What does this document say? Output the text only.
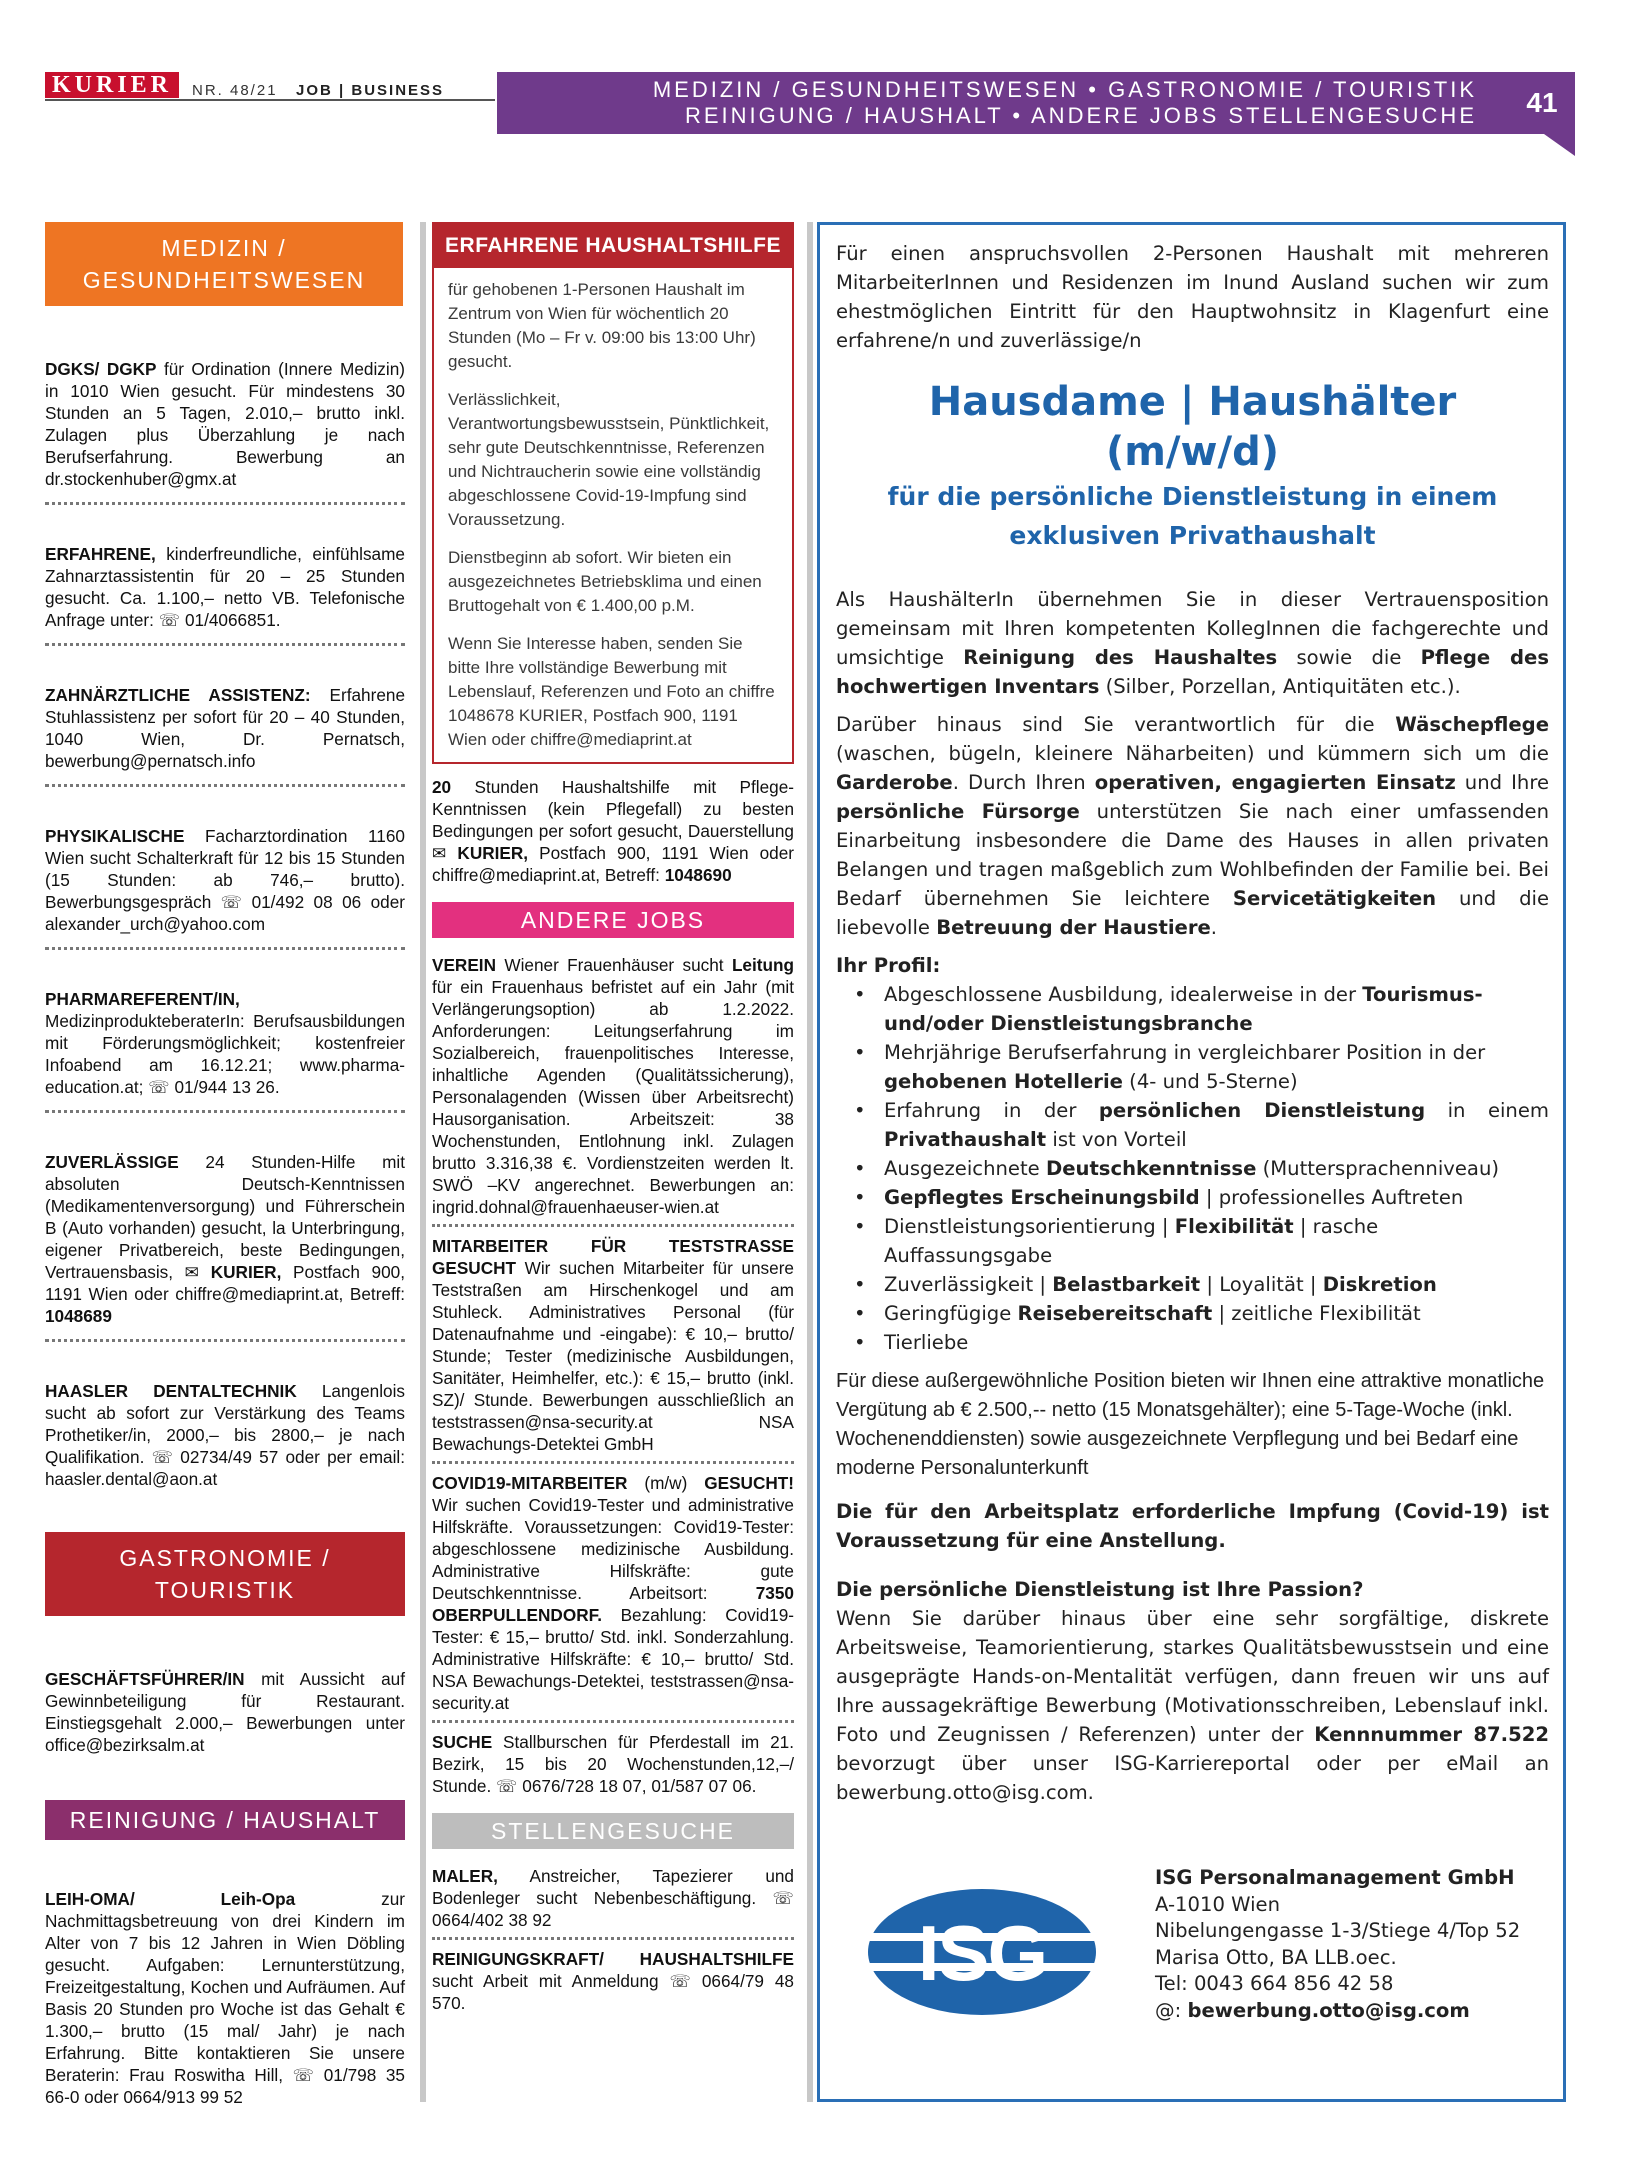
KURIER	NR. 48/21 JOB | BUSINESS	MEDIZIN / GESUNDHEITSWESEN • GASTRONOMIE / TOURISTIK
REINIGUNG / HAUSHALT • ANDERE JOBS STELLENGESUCHE	41
MEDIZIN / GESUNDHEITSWESEN
DGKS/ DGKP für Ordination (Innere Medizin) in 1010 Wien gesucht. Für mindestens 30 Stunden an 5 Tagen, 2.010,– brutto inkl. Zulagen plus Überzahlung je nach Berufserfahrung. Bewerbung an dr.stockenhuber@gmx.at
ERFAHRENE, kinderfreundliche, einfühlsame Zahnarztassistentin für 20 – 25 Stunden gesucht. Ca. 1.100,– netto VB. Telefonische Anfrage unter: ☏ 01/4066851.
ZAHNÄRZTLICHE ASSISTENZ: Erfahrene Stuhlassistenz per sofort für 20 – 40 Stunden, 1040 Wien, Dr. Pernatsch, bewerbung@pernatsch.info
PHYSIKALISCHE Facharztordination 1160 Wien sucht Schalterkraft für 12 bis 15 Stunden (15 Stunden: ab 746,– brutto). Bewerbungsgespräch ☏ 01/492 08 06 oder alexander_urch@yahoo.com
PHARMAREFERENT/IN, MedizinprodukteberaterIn: Berufsausbildungen mit Förderungsmöglichkeit; kostenfreier Infoabend am 16.12.21; www.pharma-education.at; ☏ 01/944 13 26.
ZUVERLÄSSIGE 24 Stunden-Hilfe mit absoluten Deutsch-Kenntnissen (Medikamentenversorgung) und Führerschein B (Auto vorhanden) gesucht, la Unterbringung, eigener Privatbereich, beste Bedingungen, Vertrauensbasis, ✉ KURIER, Postfach 900, 1191 Wien oder chiffre@mediaprint.at, Betreff: 1048689
HAASLER DENTALTECHNIK Langenlois sucht ab sofort zur Verstärkung des Teams Prothetiker/in, 2000,– bis 2800,– je nach Qualifikation. ☏ 02734/49 57 oder per email: haasler.dental@aon.at
GASTRONOMIE / TOURISTIK
GESCHÄFTSFÜHRER/IN mit Aussicht auf Gewinnbeteiligung für Restaurant. Einstiegsgehalt 2.000,– Bewerbungen unter office@bezirksalm.at
REINIGUNG / HAUSHALT
LEIH-OMA/ Leih-Opa zur Nachmittagsbetreuung von drei Kindern im Alter von 7 bis 12 Jahren in Wien Döbling gesucht. Aufgaben: Lernunterstützung, Freizeitgestaltung, Kochen und Aufräumen. Auf Basis 20 Stunden pro Woche ist das Gehalt € 1.300,– brutto (15 mal/ Jahr) je nach Erfahrung. Bitte kontaktieren Sie unsere Beraterin: Frau Roswitha Hill, ☏ 01/798 35 66-0 oder 0664/913 99 52
ERFAHRENE HAUSHALTSHILFE

für gehobenen 1-Personen Haushalt im Zentrum von Wien für wöchentlich 20 Stunden (Mo – Fr v. 09:00 bis 13:00 Uhr) gesucht.

Verlässlichkeit, Verantwortungsbewusstsein, Pünktlichkeit, sehr gute Deutschkenntnisse, Referenzen und Nichtraucherin sowie eine vollständig abgeschlossene Covid-19-Impfung sind Voraussetzung.

Dienstbeginn ab sofort. Wir bieten ein ausgezeichnetes Betriebsklima und einen Bruttogehalt von € 1.400,00 p.M.

Wenn Sie Interesse haben, senden Sie bitte Ihre vollständige Bewerbung mit Lebenslauf, Referenzen und Foto an chiffre 1048678 KURIER, Postfach 900, 1191 Wien oder chiffre@mediaprint.at

20 Stunden Haushaltshilfe mit Pflege-Kenntnissen (kein Pflegefall) zu besten Bedingungen per sofort gesucht, Dauerstellung ✉ KURIER, Postfach 900, 1191 Wien oder chiffre@mediaprint.at, Betreff: 1048690
ANDERE JOBS
VEREIN Wiener Frauenhäuser sucht Leitung für ein Frauenhaus befristet auf ein Jahr (mit Verlängerungsoption) ab 1.2.2022. Anforderungen: Leitungserfahrung im Sozialbereich, frauenpolitisches Interesse, inhaltliche Agenden (Qualitätssicherung), Personalagenden (Wissen über Arbeitsrecht) Hausorganisation. Arbeitszeit: 38 Wochenstunden, Entlohnung inkl. Zulagen brutto 3.316,38 €. Vordienstzeiten werden lt. SWÖ –KV angerechnet. Bewerbungen an: ingrid.dohnal@frauenhaeuser-wien.at
MITARBEITER FÜR TESTSTRASSE GESUCHT Wir suchen Mitarbeiter für unsere Teststraßen am Hirschenkogel und am Stuhleck. Administratives Personal (für Datenaufnahme und -eingabe): € 10,– brutto/ Stunde; Tester (medizinische Ausbildungen, Sanitäter, Heimhelfer, etc.): € 15,– brutto (inkl. SZ)/ Stunde. Bewerbungen ausschließlich an teststrassen@nsa-security.at NSA Bewachungs-Detektei GmbH
COVID19-MITARBEITER (m/w) GESUCHT! Wir suchen Covid19-Tester und administrative Hilfskräfte. Voraussetzungen: Covid19-Tester: abgeschlossene medizinische Ausbildung. Administrative Hilfskräfte: gute Deutschkenntnisse. Arbeitsort: 7350 OBERPULLENDORF. Bezahlung: Covid19-Tester: € 15,– brutto/ Std. inkl. Sonderzahlung. Administrative Hilfskräfte: € 10,– brutto/ Std. NSA Bewachungs-Detektei, teststrassen@nsa-security.at
SUCHE Stallburschen für Pferdestall im 21. Bezirk, 15 bis 20 Wochenstunden,12,–/ Stunde. ☏ 0676/728 18 07, 01/587 07 06.
STELLENGESUCHE
MALER, Anstreicher, Tapezierer und Bodenleger sucht Nebenbeschäftigung. ☏ 0664/402 38 92
REINIGUNGSKRAFT/ HAUSHALTSHILFE sucht Arbeit mit Anmeldung ☏ 0664/79 48 570.

Für einen anspruchsvollen 2-Personen Haushalt mit mehreren MitarbeiterInnen und Residenzen im Inund Ausland suchen wir zum ehestmöglichen Eintritt für den Hauptwohnsitz in Klagenfurt eine erfahrene/n und zuverlässige/n

Hausdame | Haushälter (m/w/d)
für die persönliche Dienstleistung in einem exklusiven Privathaushalt

Als HaushälterIn übernehmen Sie in dieser Vertrauensposition gemeinsam mit Ihren kompetenten KollegInnen die fachgerechte und umsichtige Reinigung des Haushaltes sowie die Pflege des hochwertigen Inventars (Silber, Porzellan, Antiquitäten etc.).

Darüber hinaus sind Sie verantwortlich für die Wäschepflege (waschen, bügeln, kleinere Näharbeiten) und kümmern sich um die Garderobe. Durch Ihren operativen, engagierten Einsatz und Ihre persönliche Fürsorge unterstützen Sie nach einer umfassenden Einarbeitung insbesondere die Dame des Hauses in allen privaten Belangen und tragen maßgeblich zum Wohlbefinden der Familie bei. Bei Bedarf übernehmen Sie leichtere Servicetätigkeiten und die liebevolle Betreuung der Haustiere.

Ihr Profil:
• Abgeschlossene Ausbildung, idealerweise in der Tourismus- und/oder Dienstleistungsbranche
• Mehrjährige Berufserfahrung in vergleichbarer Position in der gehobenen Hotellerie (4- und 5-Sterne)
• Erfahrung in der persönlichen Dienstleistung in einem Privathaushalt ist von Vorteil
• Ausgezeichnete Deutschkenntnisse (Muttersprachenniveau)
• Gepflegtes Erscheinungsbild | professionelles Auftreten
• Dienstleistungsorientierung | Flexibilität | rasche Auffassungsgabe
• Zuverlässigkeit | Belastbarkeit | Loyalität | Diskretion
• Geringfügige Reisebereitschaft | zeitliche Flexibilität
• Tierliebe

Für diese außergewöhnliche Position bieten wir Ihnen eine attraktive monatliche Vergütung ab € 2.500,-- netto (15 Monatsgehälter); eine 5-Tage-Woche (inkl. Wochenenddiensten) sowie ausgezeichnete Verpflegung und bei Bedarf eine moderne Personalunterkunft

Die für den Arbeitsplatz erforderliche Impfung (Covid-19) ist Voraussetzung für eine Anstellung.

Die persönliche Dienstleistung ist Ihre Passion?

Wenn Sie darüber hinaus über eine sehr sorgfältige, diskrete Arbeitsweise, Teamorientierung, starkes Qualitätsbewusstsein und eine ausgeprägte Hands-on-Mentalität verfügen, dann freuen wir uns auf Ihre aussagekräftige Bewerbung (Motivationsschreiben, Lebenslauf inkl. Foto und Zeugnissen / Referenzen) unter der Kennnummer 87.522 bevorzugt über unser ISG-Karriereportal oder per eMail an bewerbung.otto@isg.com.

ISG
ISG Personalmanagement GmbH
A-1010 Wien
Nibelungengasse 1-3/Stiege 4/Top 52
Marisa Otto, BA LLB.oec.
Tel: 0043 664 856 42 58
@: bewerbung.otto@isg.com
